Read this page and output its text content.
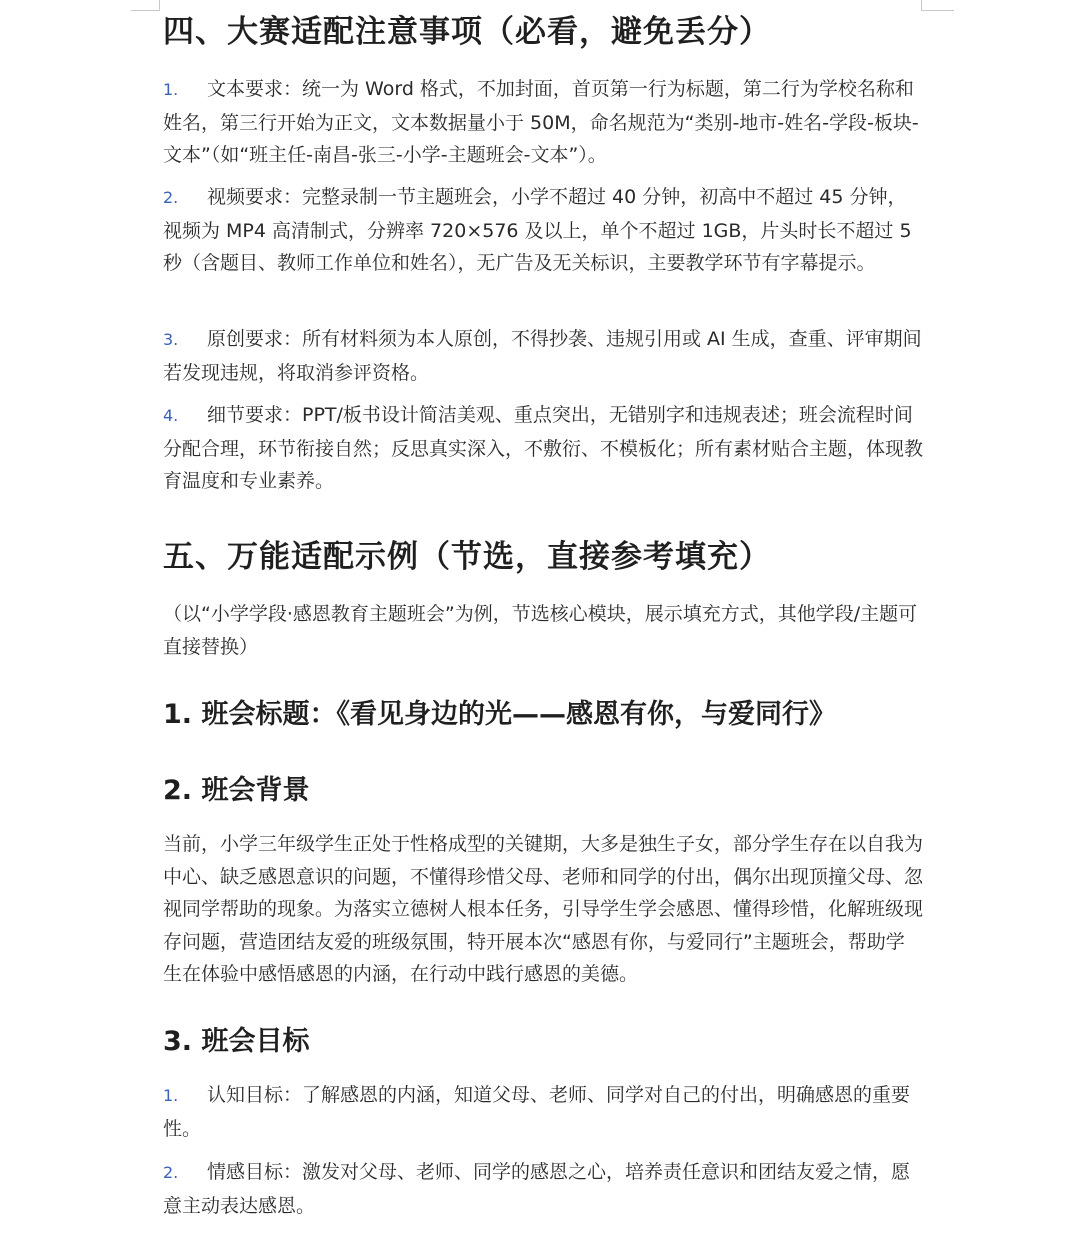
四、大赛适配注意事项（必看，避免丢分）

1. 文本要求：统一为 Word 格式，不加封面，首页第一行为标题，第二行为学校名称和姓名，第三行开始为正文，文本数据量小于 50M，命名规范为“类别-地市-姓名-学段-板块-文本”（如“班主任-南昌-张三-小学-主题班会-文本”）。

2. 视频要求：完整录制一节主题班会，小学不超过 40 分钟，初高中不超过 45 分钟，视频为 MP4 高清制式，分辨率 720×576 及以上，单个不超过 1GB，片头时长不超过 5 秒（含题目、教师工作单位和姓名），无广告及无关标识，主要教学环节有字幕提示。

3. 原创要求：所有材料须为本人原创，不得抄袭、违规引用或 AI 生成，查重、评审期间若发现违规，将取消参评资格。

4. 细节要求：PPT/板书设计简洁美观、重点突出，无错别字和违规表述；班会流程时间分配合理，环节衔接自然；反思真实深入，不敷衍、不模板化；所有素材贴合主题，体现教育温度和专业素养。

五、万能适配示例（节选，直接参考填充）

（以“小学学段·感恩教育主题班会”为例，节选核心模块，展示填充方式，其他学段/主题可直接替换）

1. 班会标题：《看见身边的光——感恩有你，与爱同行》
2. 班会背景

当前，小学三年级学生正处于性格成型的关键期，大多是独生子女，部分学生存在以自我为中心、缺乏感恩意识的问题，不懂得珍惜父母、老师和同学的付出，偶尔出现顶撞父母、忽视同学帮助的现象。为落实立德树人根本任务，引导学生学会感恩、懂得珍惜，化解班级现存问题，营造团结友爱的班级氛围，特开展本次“感恩有你，与爱同行”主题班会，帮助学生在体验中感悟感恩的内涵，在行动中践行感恩的美德。

3. 班会目标

1. 认知目标：了解感恩的内涵，知道父母、老师、同学对自己的付出，明确感恩的重要性。

2. 情感目标：激发对父母、老师、同学的感恩之心，培养责任意识和团结友爱之情，愿意主动表达感恩。
